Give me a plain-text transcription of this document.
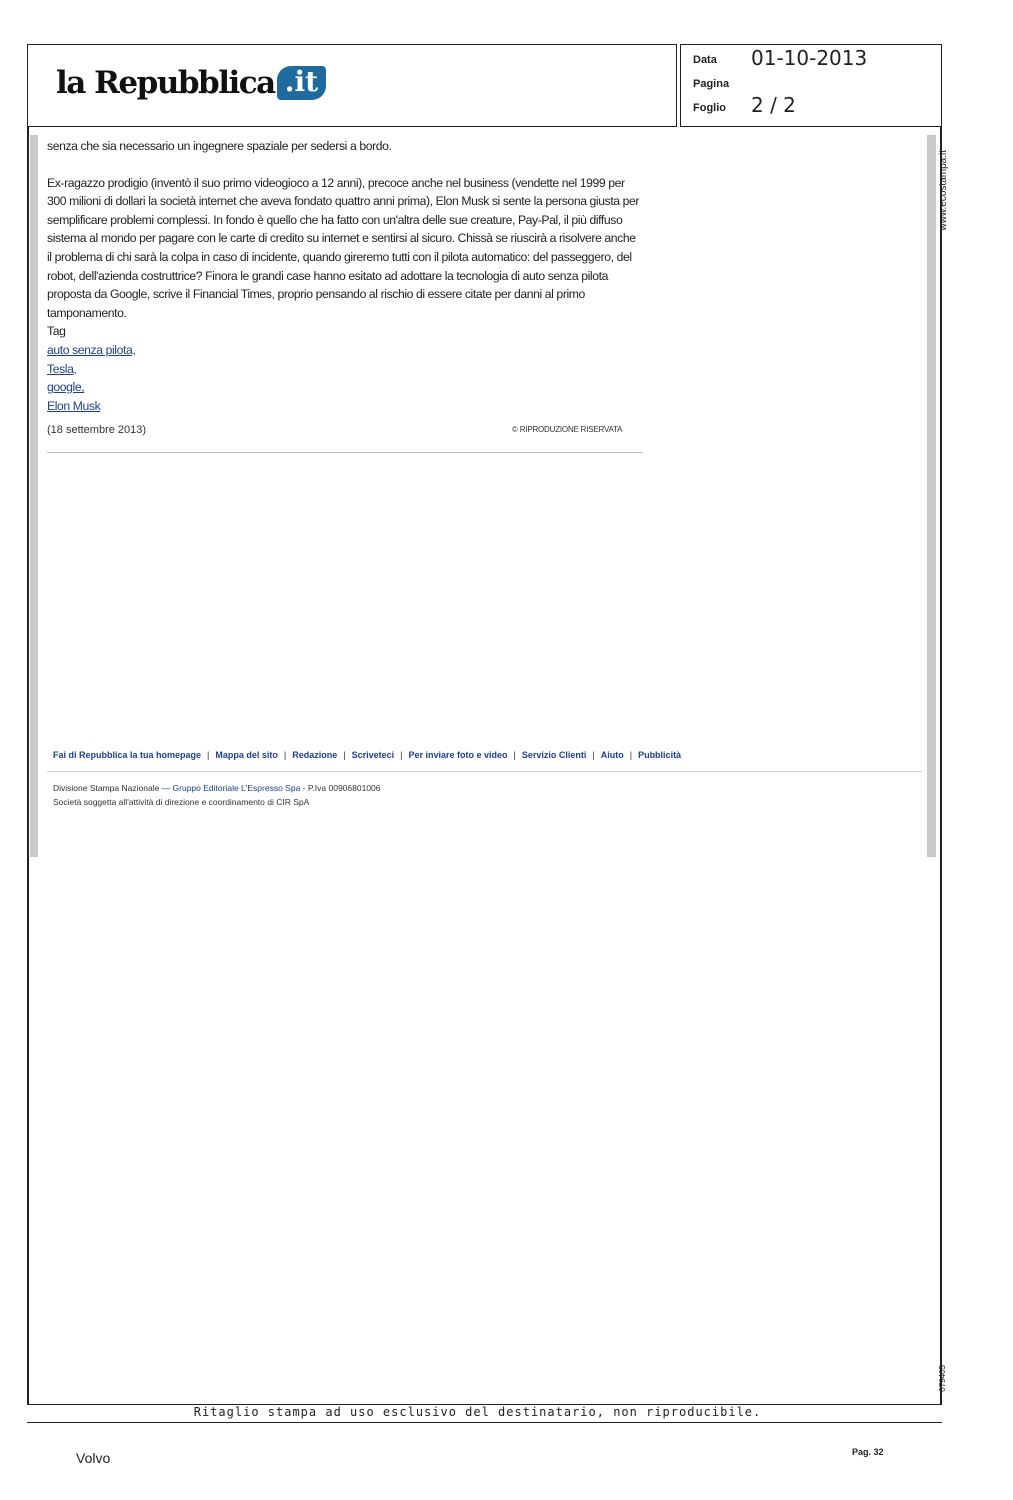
la Repubblica .it
Data 01-10-2013
Pagina
Foglio 2 / 2

senza che sia necessario un ingegnere spaziale per sedersi a bordo.

Ex-ragazzo prodigio (inventò il suo primo videogioco a 12 anni), precoce anche nel business (vendette nel 1999 per 300 milioni di dollari la società internet che aveva fondato quattro anni prima), Elon Musk si sente la persona giusta per semplificare problemi complessi. In fondo è quello che ha fatto con un'altra delle sue creature, Pay-Pal, il più diffuso sistema al mondo per pagare con le carte di credito su internet e sentirsi al sicuro. Chissà se riuscirà a risolvere anche il problema di chi sarà la colpa in caso di incidente, quando gireremo tutti con il pilota automatico: del passeggero, del robot, dell'azienda costruttrice? Finora le grandi case hanno esitato ad adottare la tecnologia di auto senza pilota proposta da Google, scrive il Financial Times, proprio pensando al rischio di essere citate per danni al primo tamponamento.

Tag
auto senza pilota,
Tesla,
google,
Elon Musk
(18 settembre 2013)	© RIPRODUZIONE RISERVATA
Fai di Repubblica la tua homepage | Mappa del sito | Redazione | Scriveteci | Per inviare foto e video | Servizio Clienti | Aiuto | Pubblicità
Divisione Stampa Nazionale — Gruppo Editoriale L'Espresso Spa - P.Iva 00906801006
Società soggetta all'attività di direzione e coordinamento di CIR SpA
www.ecostampa.it
079405
Ritaglio stampa ad uso esclusivo del destinatario, non riproducibile.
Volvo	Pag. 32
